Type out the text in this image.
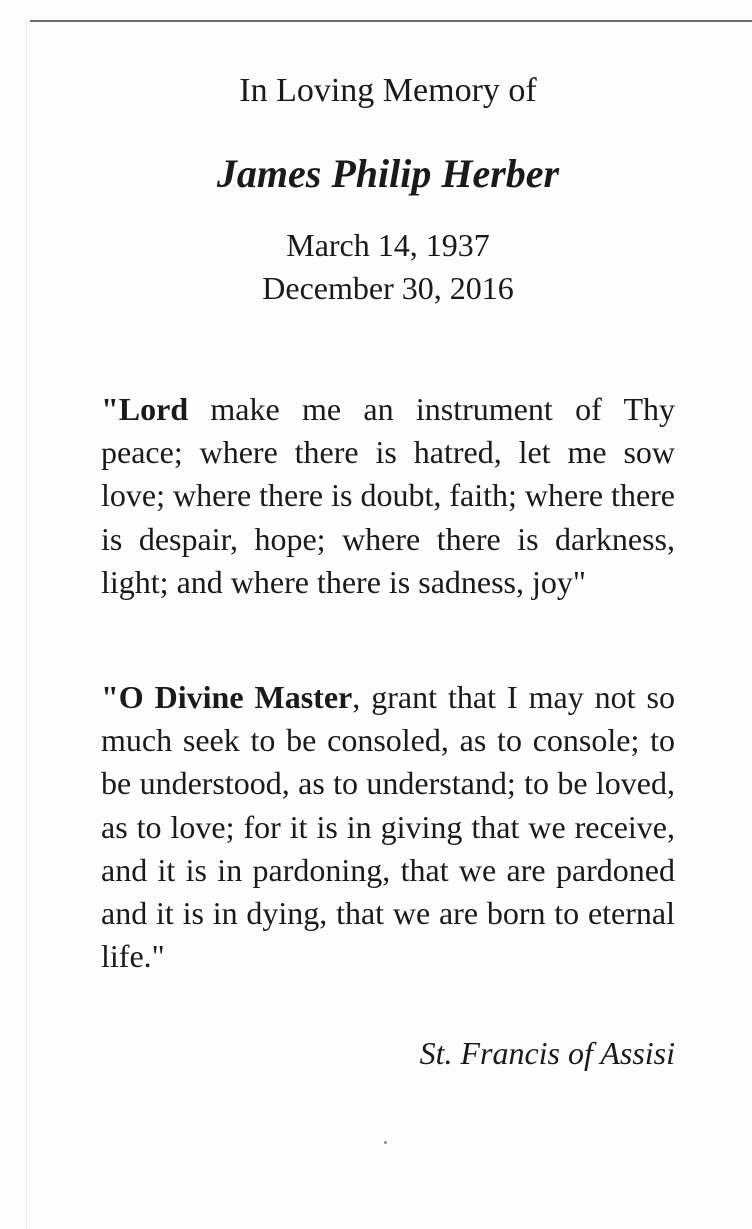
In Loving Memory of

James Philip Herber

March 14, 1937

December 30, 2016

"Lord make me an instrument of Thy peace; where there is hatred, let me sow love; where there is doubt, faith; where there is despair, hope; where there is darkness, light; and where there is sadness, joy"

"O Divine Master, grant that I may not so much seek to be consoled, as to console; to be understood, as to understand; to be loved, as to love; for it is in giving that we receive, and it is in pardoning, that we are pardoned and it is in dying, that we are born to eternal life."

St. Francis of Assisi
